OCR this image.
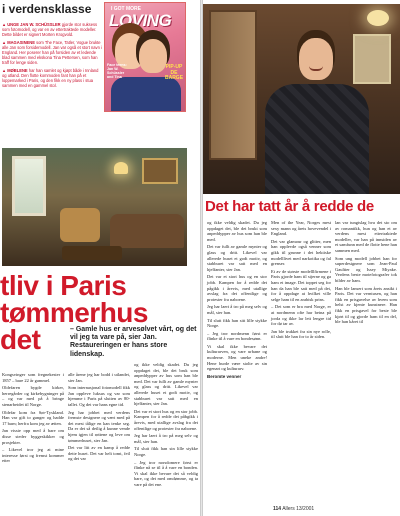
i verdensklasse

▲ UNGE JAN W. SCHÜSSLER gjorde stor suksess som fotomodell, og var en av ettertraktede modeller. Dette bildet er signert Morten Krogvold.

▲ MAGASINENE som The Face, Tatler, Vogue brukte alle Jan som forsidemodell. Jan var også et stort navn i England. Her poserer han på forsiden av et ledende blad sammen med ekskona Tina Pettersen, som han traff for lenge siden.

▲ MØBLENE har han samlet og kjøpt både i Innland og utland. Den flotte kommoden fant han på et loppemarked i Paris, og den fikk en ny plass i stua sammen med en gammel stol.

I GOT MORE
LOVING
Face teens: Jan W. Schüssler and Tina
PIP-UP DE BARGE
tliv i Paris
tømmerhus
det	– Gamle hus er arvesølvet vårt, og det vil jeg ta vare på, sier Jan. Restaureringen er hans store lidenskap.

Kongsvinger som fregnekester i 1857 – bare 22 år gammel.

Oldefaren bygde kirker, herregårder og kirkebygninger på – og var med på å bringe stenarbeidet til Norge.

Oldefar kom fra Sør-Tyskland. Han var gift to ganger og hadde 17 barn; herfra kom jeg av ætten.

Jan visste opp med å bare om disse steder byggeskikker og prosjekter.

– Likevel tror jeg at mine interesse først og fremst kommer etter

alle årene jeg har bodd i utlandet, sier Jan.

Som internasjonal fotomodell fikk Jan oppleve luksus og var som hjemme i Paris på slutten av 80-tallet. Og det var hans egne tid.

Jeg har jobbet med verdens fremste designere og vært med på det mest tålige en kan tenke seg. Da er det så deilig å kunne vende hjem igjen til røttene og leve om tømmerhuset, sier Jan.

Det var litt av en kamp å redde dette huset. Det var helt tomt, feil og det var

og ikke veldig skadet. Du jeg oppdaget det, ble det bruk som anpeddypper av hus som han ble med. Det var fullt av gamle mynter og glass og dritt. Likevel var allerede huset et godt motiv, og stabburet var satt med en hjelfanter, sier Jan.

Det var et stort hus og en stor jobb. Kampen for å redde det påbgikk i årevis, med utallige avslag fra det offentlige og protester fra naboene.

Jeg har laert å tro på meg selv og mål, sier han.

Til slutt fikk han sin lille stykke Norge.

– Jeg tror norsdomere først er flinke nå se til å å vare en bonden. Vi skal ikke bevare det så veldig bare, og det med omdømme, og ta vare på det ene.

Det har tatt år å redde de

og ikke veldig skadet. Du jeg oppdaget det, ble det brukt som anpeddypper av hus som han ble med.

Det var fullt av gamle mynter og glass og dritt. Likevel var allerede huset et godt motiv, og stabburet var satt med en hjelfanter, sier Jan.

Det var et stort hus og en stor jobb. Kampen for å redde det pågikk i årevis, med utallige avslag fra det offentlige og protester fra naboene.

Jeg har laert å tro på meg selv og mål, sier han.

Til slutt fikk han sitt lille stykke Norge.

– Jeg tror nordmenn først er flinke til å vare en bondesønn.

Vi skal ikke bevare det kulturarven, og vare urbane og moderne. Men uneke andre! Hene burde være stolte av sin egenart og kulturarv.

Beromte venner

Men of the Year, Norges mest sexy mann og årets hovevendel i England.

Det var glamour og glitter, men han opplevde også venner som gikk til grunne i det hektiske modelllivet med narkotika og fal grenser.

Et av de største modelllfirmene i Paris gjorde ham til stjerne og ga ham et image. Det toppet seg for han da han ble satt med på det, for å oppdage at hvilket ville selge ham til en arabisk prins.

– Det som er bra med Norge, er at nordmenn ofte har beina på jorda og ikke lar lett lengre tid for dø tar av.

Jan ble trukket fra sin nye rolle, til slutt ble han for to år siden.

lan var tungtslag hva det sto om av romantikk, hun og han et av verdens mest ettertraktede modeller, var han på innsiden av et samfunn med de flotte hene han sammen med.

Som ung modell jobbet han for superdesignere som Jean-Paul Gaultier og Issey Miyake. Verdens beste motefotografer tok bilder av ham.

Han ble lansert som årets ansikt i Paris. Det var verntusen, og han fikk en prisgavelse av hvem som helst av kjente kunstnere. Han fikk en prisgavel for beste ble kjørt til og gjorde ham til en del, ble han kåret til

114 Allers 13/2001
